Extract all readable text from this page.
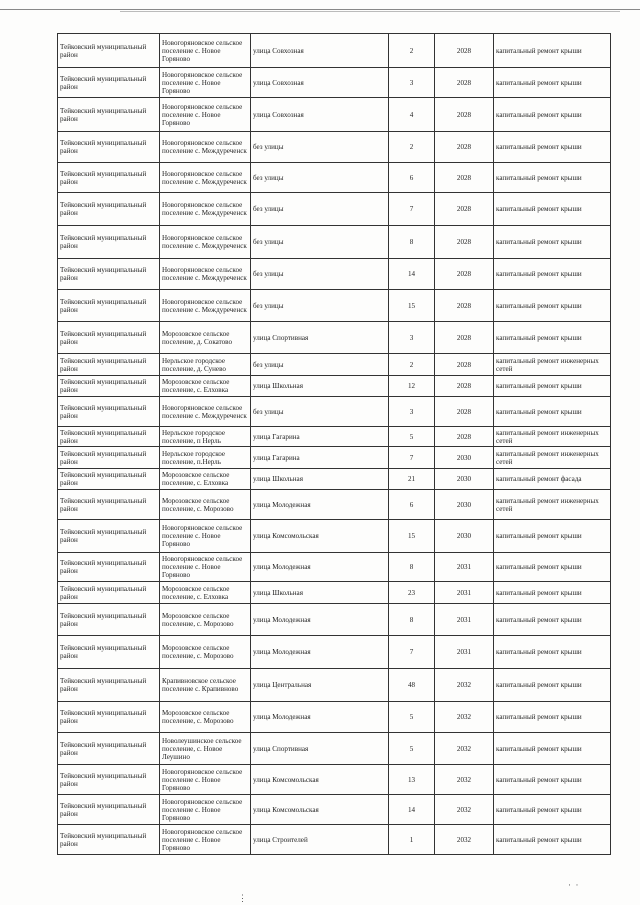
Тейковский муниципальный район	Новогоряновское сельское поселение с. Новое Горяново	улица Совхозная	2	2028	капитальный ремонт крыши
Тейковский муниципальный район	Новогоряновское сельское поселение с. Новое Горяново	улица Совхозная	3	2028	капитальный ремонт крыши
Тейковский муниципальный район	Новогоряновское сельское поселение с. Новое Горяново	улица Совхозная	4	2028	капитальный ремонт крыши
Тейковский муниципальный район	Новогоряновское сельское поселение с. Междуреченск	без улицы	2	2028	капитальный ремонт крыши
Тейковский муниципальный район	Новогоряновское сельское поселение с. Междуреченск	без улицы	6	2028	капитальный ремонт крыши
Тейковский муниципальный район	Новогоряновское сельское поселение с. Междуреченск	без улицы	7	2028	капитальный ремонт крыши
Тейковский муниципальный район	Новогоряновское сельское поселение с. Междуреченск	без улицы	8	2028	капитальный ремонт крыши
Тейковский муниципальный район	Новогоряновское сельское поселение с. Междуреченск	без улицы	14	2028	капитальный ремонт крыши
Тейковский муниципальный район	Новогоряновское сельское поселение с. Междуреченск	без улицы	15	2028	капитальный ремонт крыши
Тейковский муниципальный район	Морозовское сельское поселение, д. Сокатово	улица Спортивная	3	2028	капитальный ремонт крыши
Тейковский муниципальный район	Нерльское городское поселение, д. Сунево	без улицы	2	2028	капитальный ремонт инженерных сетей
Тейковский муниципальный район	Морозовское сельское поселение, с. Елховка	улица Школьная	12	2028	капитальный ремонт крыши
Тейковский муниципальный район	Новогоряновское сельское поселение с. Междуреченск	без улицы	3	2028	капитальный ремонт крыши
Тейковский муниципальный район	Нерльское городское поселение, п Нерль	улица Гагарина	5	2028	капитальный ремонт инженерных сетей
Тейковский муниципальный район	Нерльское городское поселение, п.Нерль	улица Гагарина	7	2030	капитальный ремонт инженерных сетей
Тейковский муниципальный район	Морозовское сельское поселение, с. Елховка	улица Школьная	21	2030	капитальный ремонт фасада
Тейковский муниципальный район	Морозовское сельское поселение, с. Морозово	улица Молодежная	6	2030	капитальный ремонт инженерных сетей
Тейковский муниципальный район	Новогоряновское сельское поселение с. Новое Горяново	улица Комсомольская	15	2030	капитальный ремонт крыши
Тейковский муниципальный район	Новогоряновское сельское поселение с. Новое Горяново	улица Молодежная	8	2031	капитальный ремонт крыши
Тейковский муниципальный район	Морозовское сельское поселение, с. Елховка	улица Школьная	23	2031	капитальный ремонт крыши
Тейковский муниципальный район	Морозовское сельское поселение, с. Морозово	улица Молодежная	8	2031	капитальный ремонт крыши
Тейковский муниципальный район	Морозовское сельское поселение, с. Морозово	улица Молодежная	7	2031	капитальный ремонт крыши
Тейковский муниципальный район	Крапивновское сельское поселение с. Крапивново	улица Центральная	48	2032	капитальный ремонт крыши
Тейковский муниципальный район	Морозовское сельское поселение, с. Морозово	улица Молодежная	5	2032	капитальный ремонт крыши
Тейковский муниципальный район	Новолеушинское сельское поселение, с. Новое Леушино	улица Спортивная	5	2032	капитальный ремонт крыши
Тейковский муниципальный район	Новогоряновское сельское поселение с. Новое Горяново	улица Комсомольская	13	2032	капитальный ремонт крыши
Тейковский муниципальный район	Новогоряновское сельское поселение с. Новое Горяново	улица Комсомольская	14	2032	капитальный ремонт крыши
Тейковский муниципальный район	Новогоряновское сельское поселение с. Новое Горяново	улица Строителей	1	2032	капитальный ремонт крыши
·  ·
⋮
